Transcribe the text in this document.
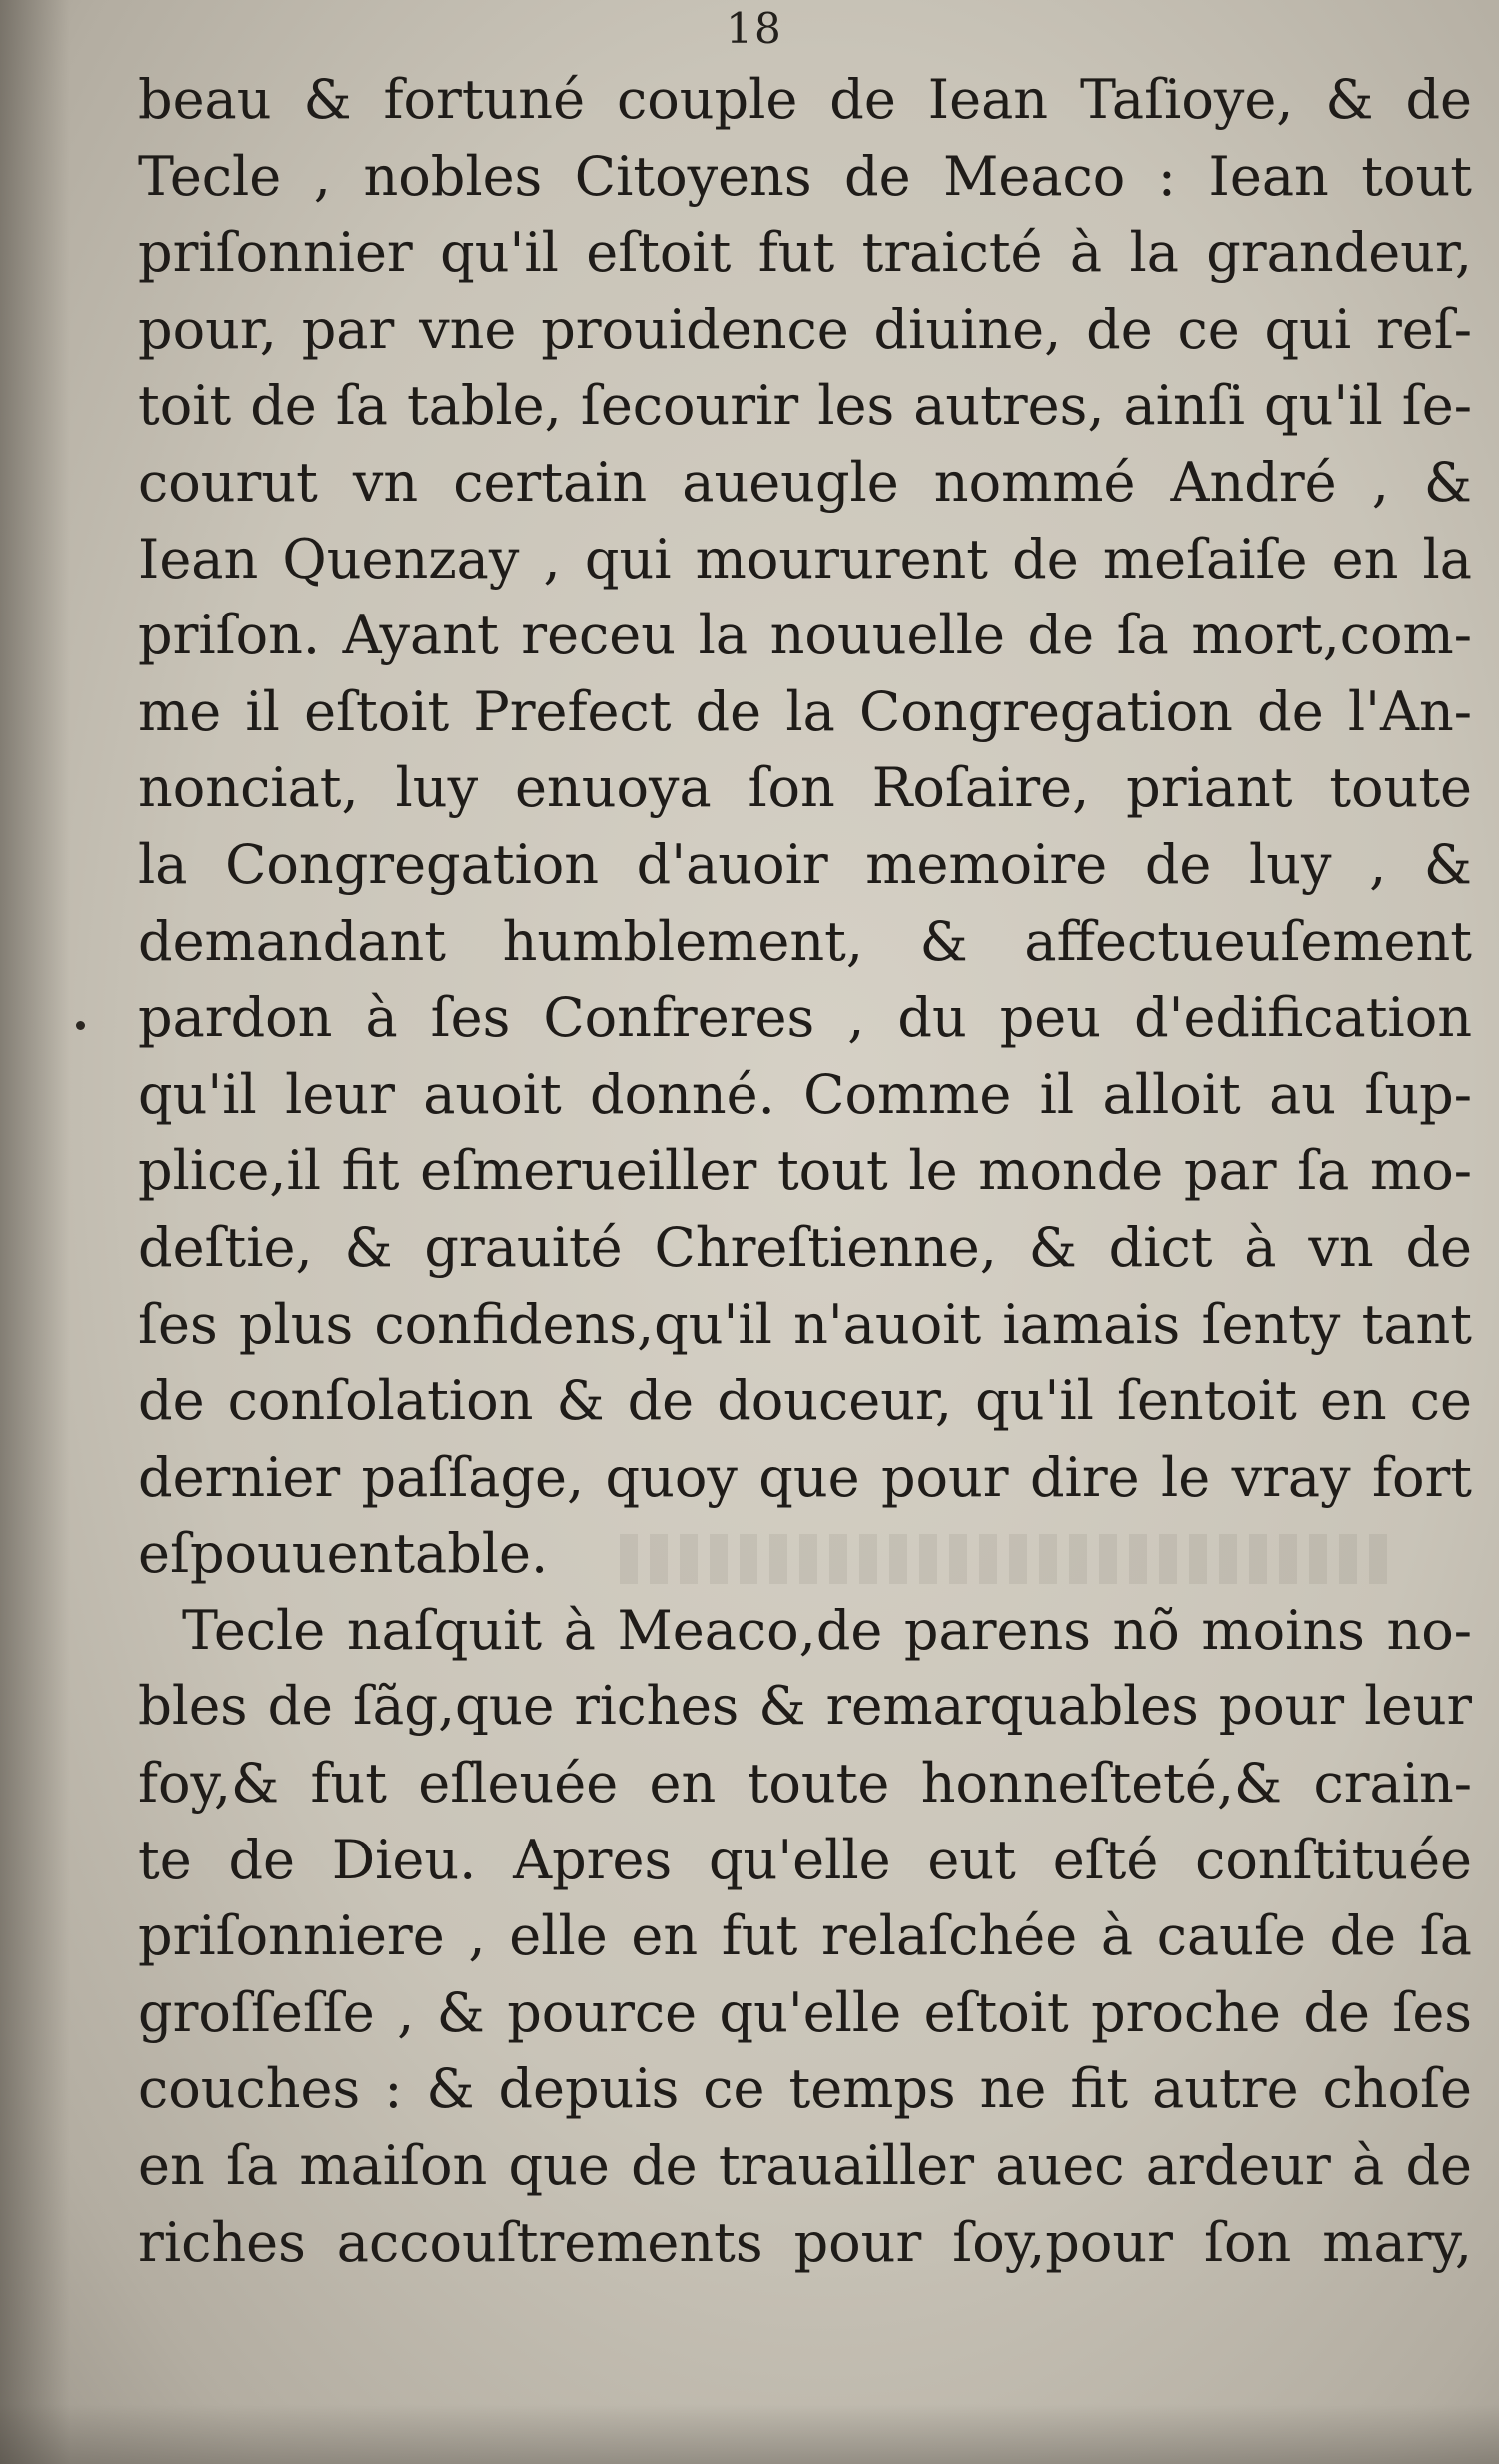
18
beau & fortuné couple de Iean Taſioye, & de
Tecle , nobles Citoyens de Meaco : Iean tout
priſonnier qu'il eſtoit fut traicté à la grandeur,
pour, par vne prouidence diuine, de ce qui reſ-
toit de ſa table, ſecourir les autres, ainſi qu'il ſe-
courut vn certain aueugle nommé André , &
Iean Quenzay , qui moururent de meſaiſe en la
priſon. Ayant receu la nouuelle de ſa mort,com-
me il eſtoit Prefect de la Congregation de l'An-
nonciat, luy enuoya ſon Roſaire, priant toute
la Congregation d'auoir memoire de luy , &
demandant humblement, & affectueuſement
pardon à ſes Confreres , du peu d'edification
qu'il leur auoit donné. Comme il alloit au ſup-
plice,il fit eſmerueiller tout le monde par ſa mo-
deſtie, & grauité Chreſtienne, & dict à vn de
ſes plus confidens,qu'il n'auoit iamais ſenty tant
de conſolation & de douceur, qu'il ſentoit en ce
dernier paſſage, quoy que pour dire le vray fort
eſpouuentable.
Tecle naſquit à Meaco,de parens nõ moins no-
bles de ſãg,que riches & remarquables pour leur
foy,& fut eſleuée en toute honneſteté,& crain-
te de Dieu. Apres qu'elle eut eſté conſtituée
priſonniere , elle en fut relaſchée à cauſe de ſa
groſſeſſe , & pource qu'elle eſtoit proche de ſes
couches : & depuis ce temps ne fit autre choſe
en ſa maiſon que de trauailler auec ardeur à de
riches accouſtrements pour ſoy,pour ſon mary,
